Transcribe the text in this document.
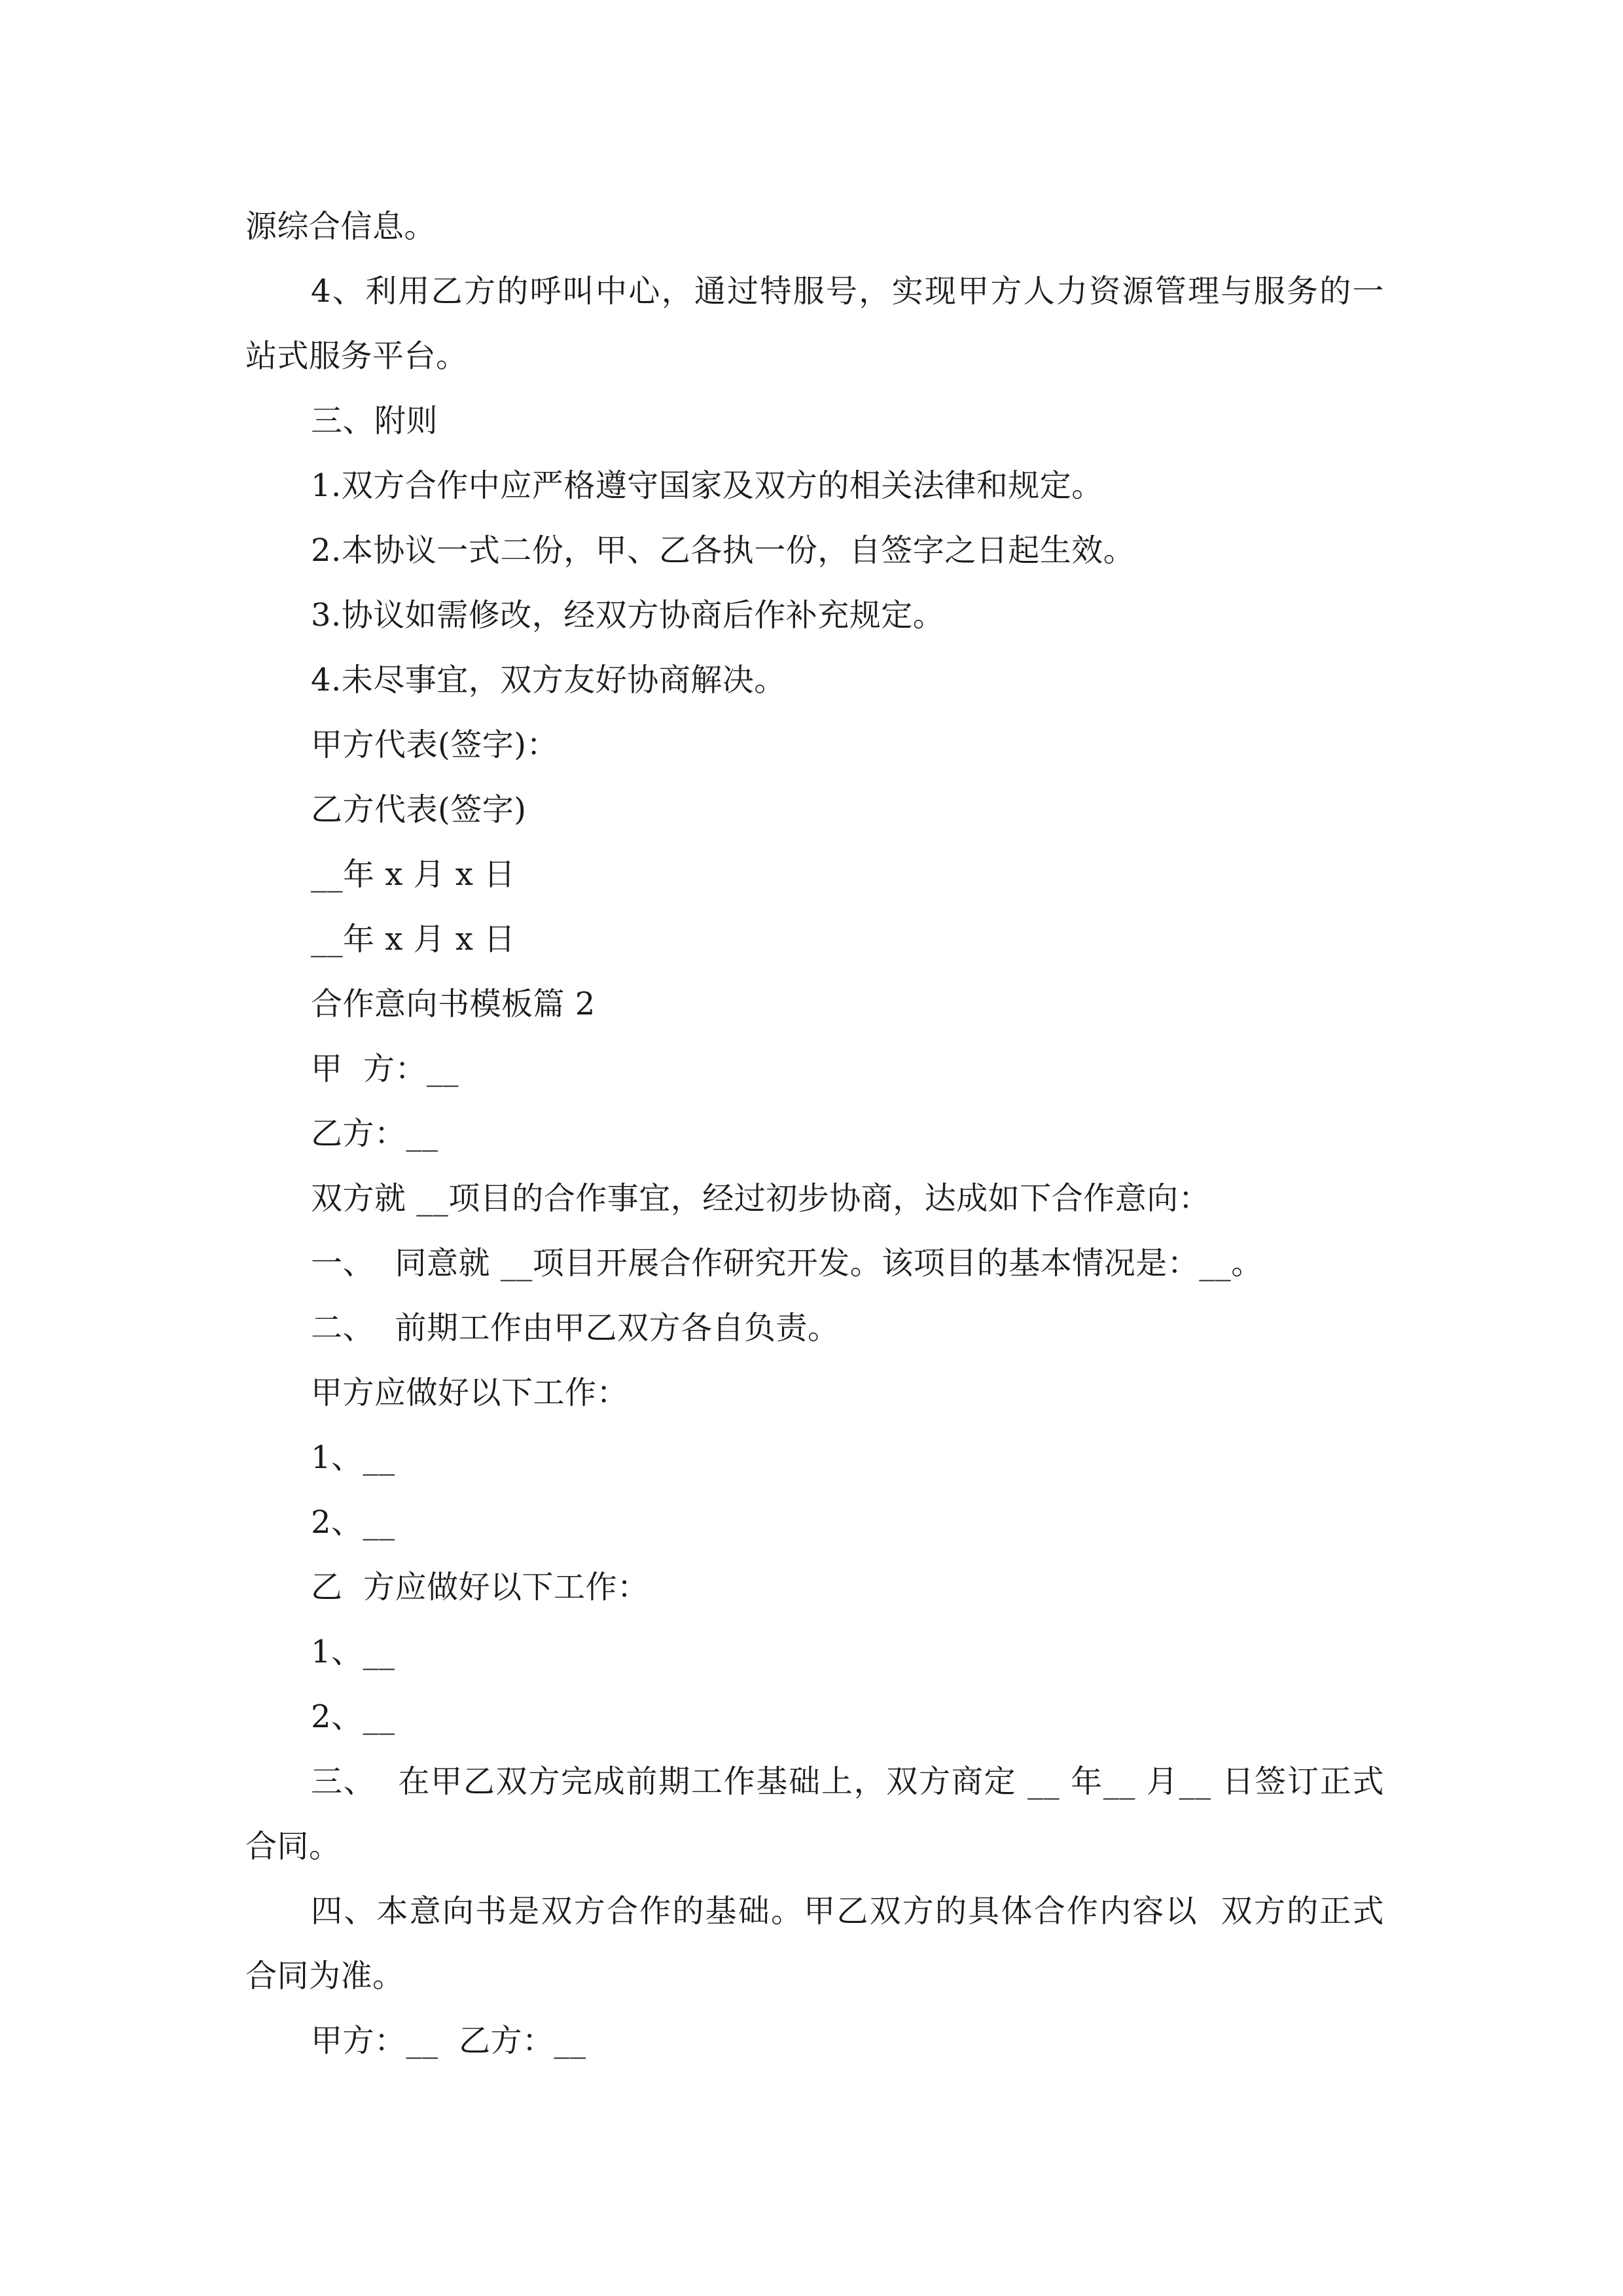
源综合信息。
4、利用乙方的呼叫中心，通过特服号，实现甲方人力资源管理与服务的一
站式服务平台。
三、附则
1.双方合作中应严格遵守国家及双方的相关法律和规定。
2.本协议一式二份，甲、乙各执一份，自签字之日起生效。
3.协议如需修改，经双方协商后作补充规定。
4.未尽事宜，双方友好协商解决。
甲方代表(签字)：
乙方代表(签字)
__年 x 月 x 日
__年 x 月 x 日
合作意向书模板篇 2
甲  方：__
乙方：__
双方就 __项目的合作事宜，经过初步协商，达成如下合作意向：
一、  同意就 __项目开展合作研究开发。该项目的基本情况是：__。
二、  前期工作由甲乙双方各自负责。
甲方应做好以下工作：
1、__
2、__
乙  方应做好以下工作：
1、__
2、__
三、  在甲乙双方完成前期工作基础上，双方商定 __ 年__ 月__ 日签订正式
合同。
四、本意向书是双方合作的基础。甲乙双方的具体合作内容以  双方的正式
合同为准。
甲方：__  乙方：__
